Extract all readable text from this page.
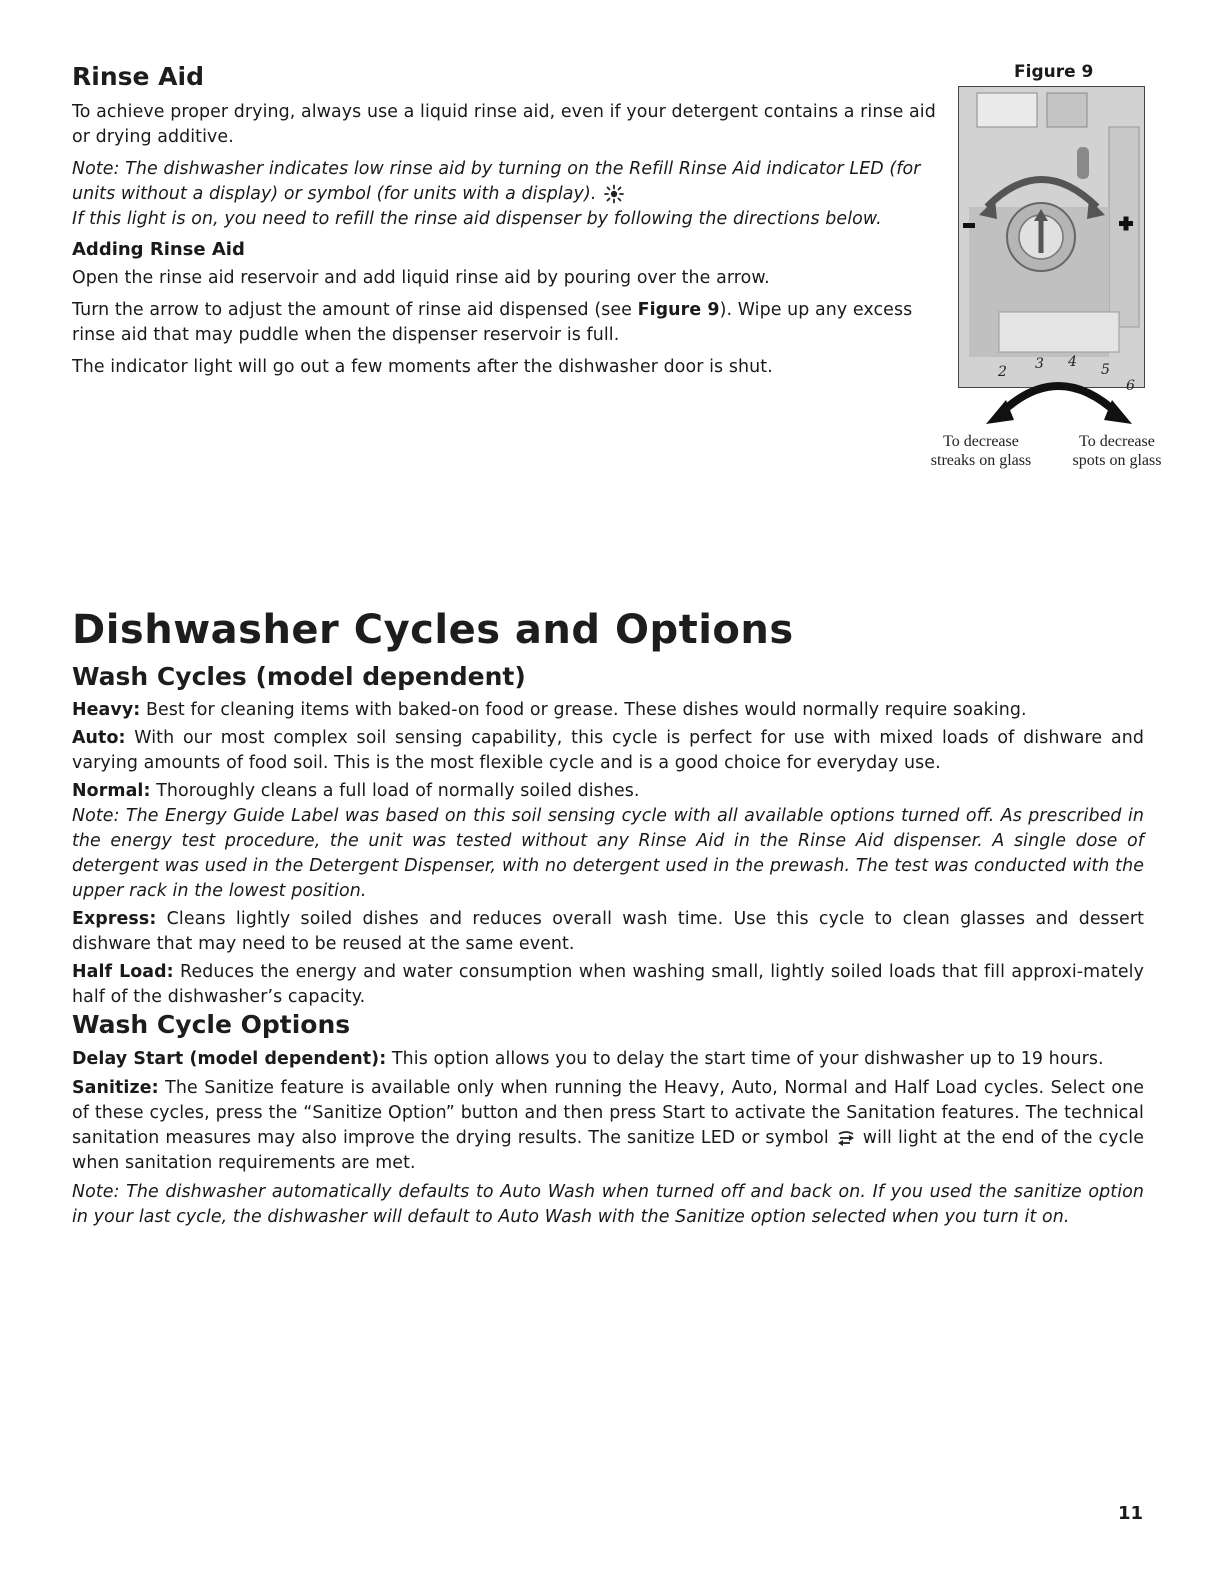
Rinse Aid

To achieve proper drying, always use a liquid rinse aid, even if your detergent contains a rinse aid or drying additive.

Note: The dishwasher indicates low rinse aid by turning on the Refill Rinse Aid indicator LED (for units without a display) or symbol (for units with a display).

If this light is on, you need to refill the rinse aid dispenser by following the directions below.

Adding Rinse Aid

Open the rinse aid reservoir and add liquid rinse aid by pouring over the arrow.

Turn the arrow to adjust the amount of rinse aid dispensed (see Figure 9). Wipe up any excess rinse aid that may puddle when the dispenser reservoir is full.

The indicator light will go out a few moments after the dishwasher door is shut.

Figure 9
2 3 4 5
6
To decrease
streaks on glass
To decrease
spots on glass
Dishwasher Cycles and Options
Wash Cycles (model dependent)

Heavy: Best for cleaning items with baked-on food or grease. These dishes would normally require soaking.

Auto: With our most complex soil sensing capability, this cycle is perfect for use with mixed loads of dishware and varying amounts of food soil. This is the most flexible cycle and is a good choice for everyday use.

Normal: Thoroughly cleans a full load of normally soiled dishes.

Note: The Energy Guide Label was based on this soil sensing cycle with all available options turned off. As prescribed in the energy test procedure, the unit was tested without any Rinse Aid in the Rinse Aid dispenser. A single dose of detergent was used in the Detergent Dispenser, with no detergent used in the prewash. The test was conducted with the upper rack in the lowest position.

Express: Cleans lightly soiled dishes and reduces overall wash time. Use this cycle to clean glasses and dessert dishware that may need to be reused at the same event.

Half Load: Reduces the energy and water consumption when washing small, lightly soiled loads that fill approxi-mately half of the dishwasher’s capacity.

Wash Cycle Options

Delay Start (model dependent): This option allows you to delay the start time of your dishwasher up to 19 hours.

Sanitize: The Sanitize feature is available only when running the Heavy, Auto, Normal and Half Load cycles. Select one of these cycles, press the “Sanitize Option” button and then press Start to activate the Sanitation features. The technical sanitation measures may also improve the drying results. The sanitize LED or symbol  will light at the end of the cycle when sanitation requirements are met.

Note: The dishwasher automatically defaults to Auto Wash when turned off and back on. If you used the sanitize option in your last cycle, the dishwasher will default to Auto Wash with the Sanitize option selected when you turn it on.

11
